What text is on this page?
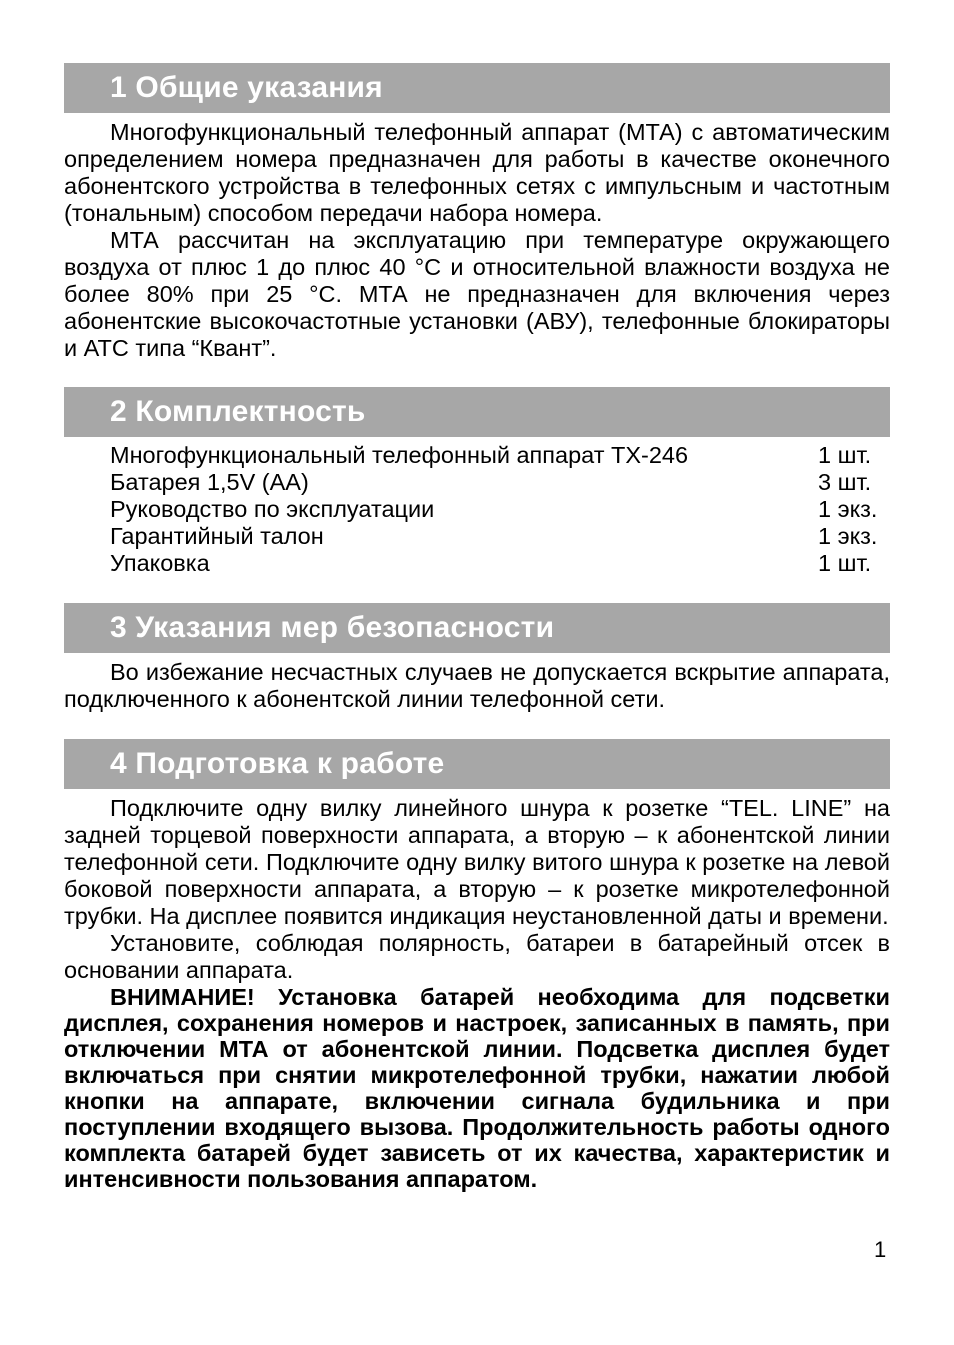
1 Общие указания

Многофункциональный телефонный аппарат (МТА) с автоматическим определением номера предназначен для работы в качестве оконечного абонентского устройства в телефонных сетях с импульсным и частотным (тональным) способом передачи набора номера.

МТА рассчитан на эксплуатацию при температуре окружающего воздуха от плюс 1 до плюс 40 °С и относительной влажности воздуха не более 80% при 25 °С. МТА не предназначен для включения через абонентские высокочастотные установки (АВУ), телефонные блокираторы и АТС типа “Квант”.

2 Комплектность
Многофункциональный телефонный аппарат TX-246	1 шт.
Батарея 1,5V (АА)	3 шт.
Руководство по эксплуатации	1 экз.
Гарантийный талон	1 экз.
Упаковка	1 шт.
3 Указания мер безопасности

Во избежание несчастных случаев не допускается вскрытие аппарата, подключенного к абонентской линии телефонной сети.

4 Подготовка к работе

Подключите одну вилку линейного шнура к розетке “TEL. LINE” на задней торцевой поверхности аппарата, а вторую – к абонентской линии телефонной сети. Подключите одну вилку витого шнура к розетке на левой боковой поверхности аппарата, а вторую – к розетке микротелефонной трубки. На дисплее появится индикация неустановленной даты и времени.

Установите, соблюдая полярность, батареи в батарейный отсек в основании аппарата.

ВНИМАНИЕ! Установка батарей необходима для подсветки дисплея, сохранения номеров и настроек, записанных в память, при отключении МТА от абонентской линии. Подсветка дисплея будет включаться при снятии микротелефонной трубки, нажатии любой кнопки на аппарате, включении сигнала будильника и при поступлении входящего вызова. Продолжительность работы одного комплекта батарей будет зависеть от их качества, характеристик и интенсивности пользования аппаратом.

1
